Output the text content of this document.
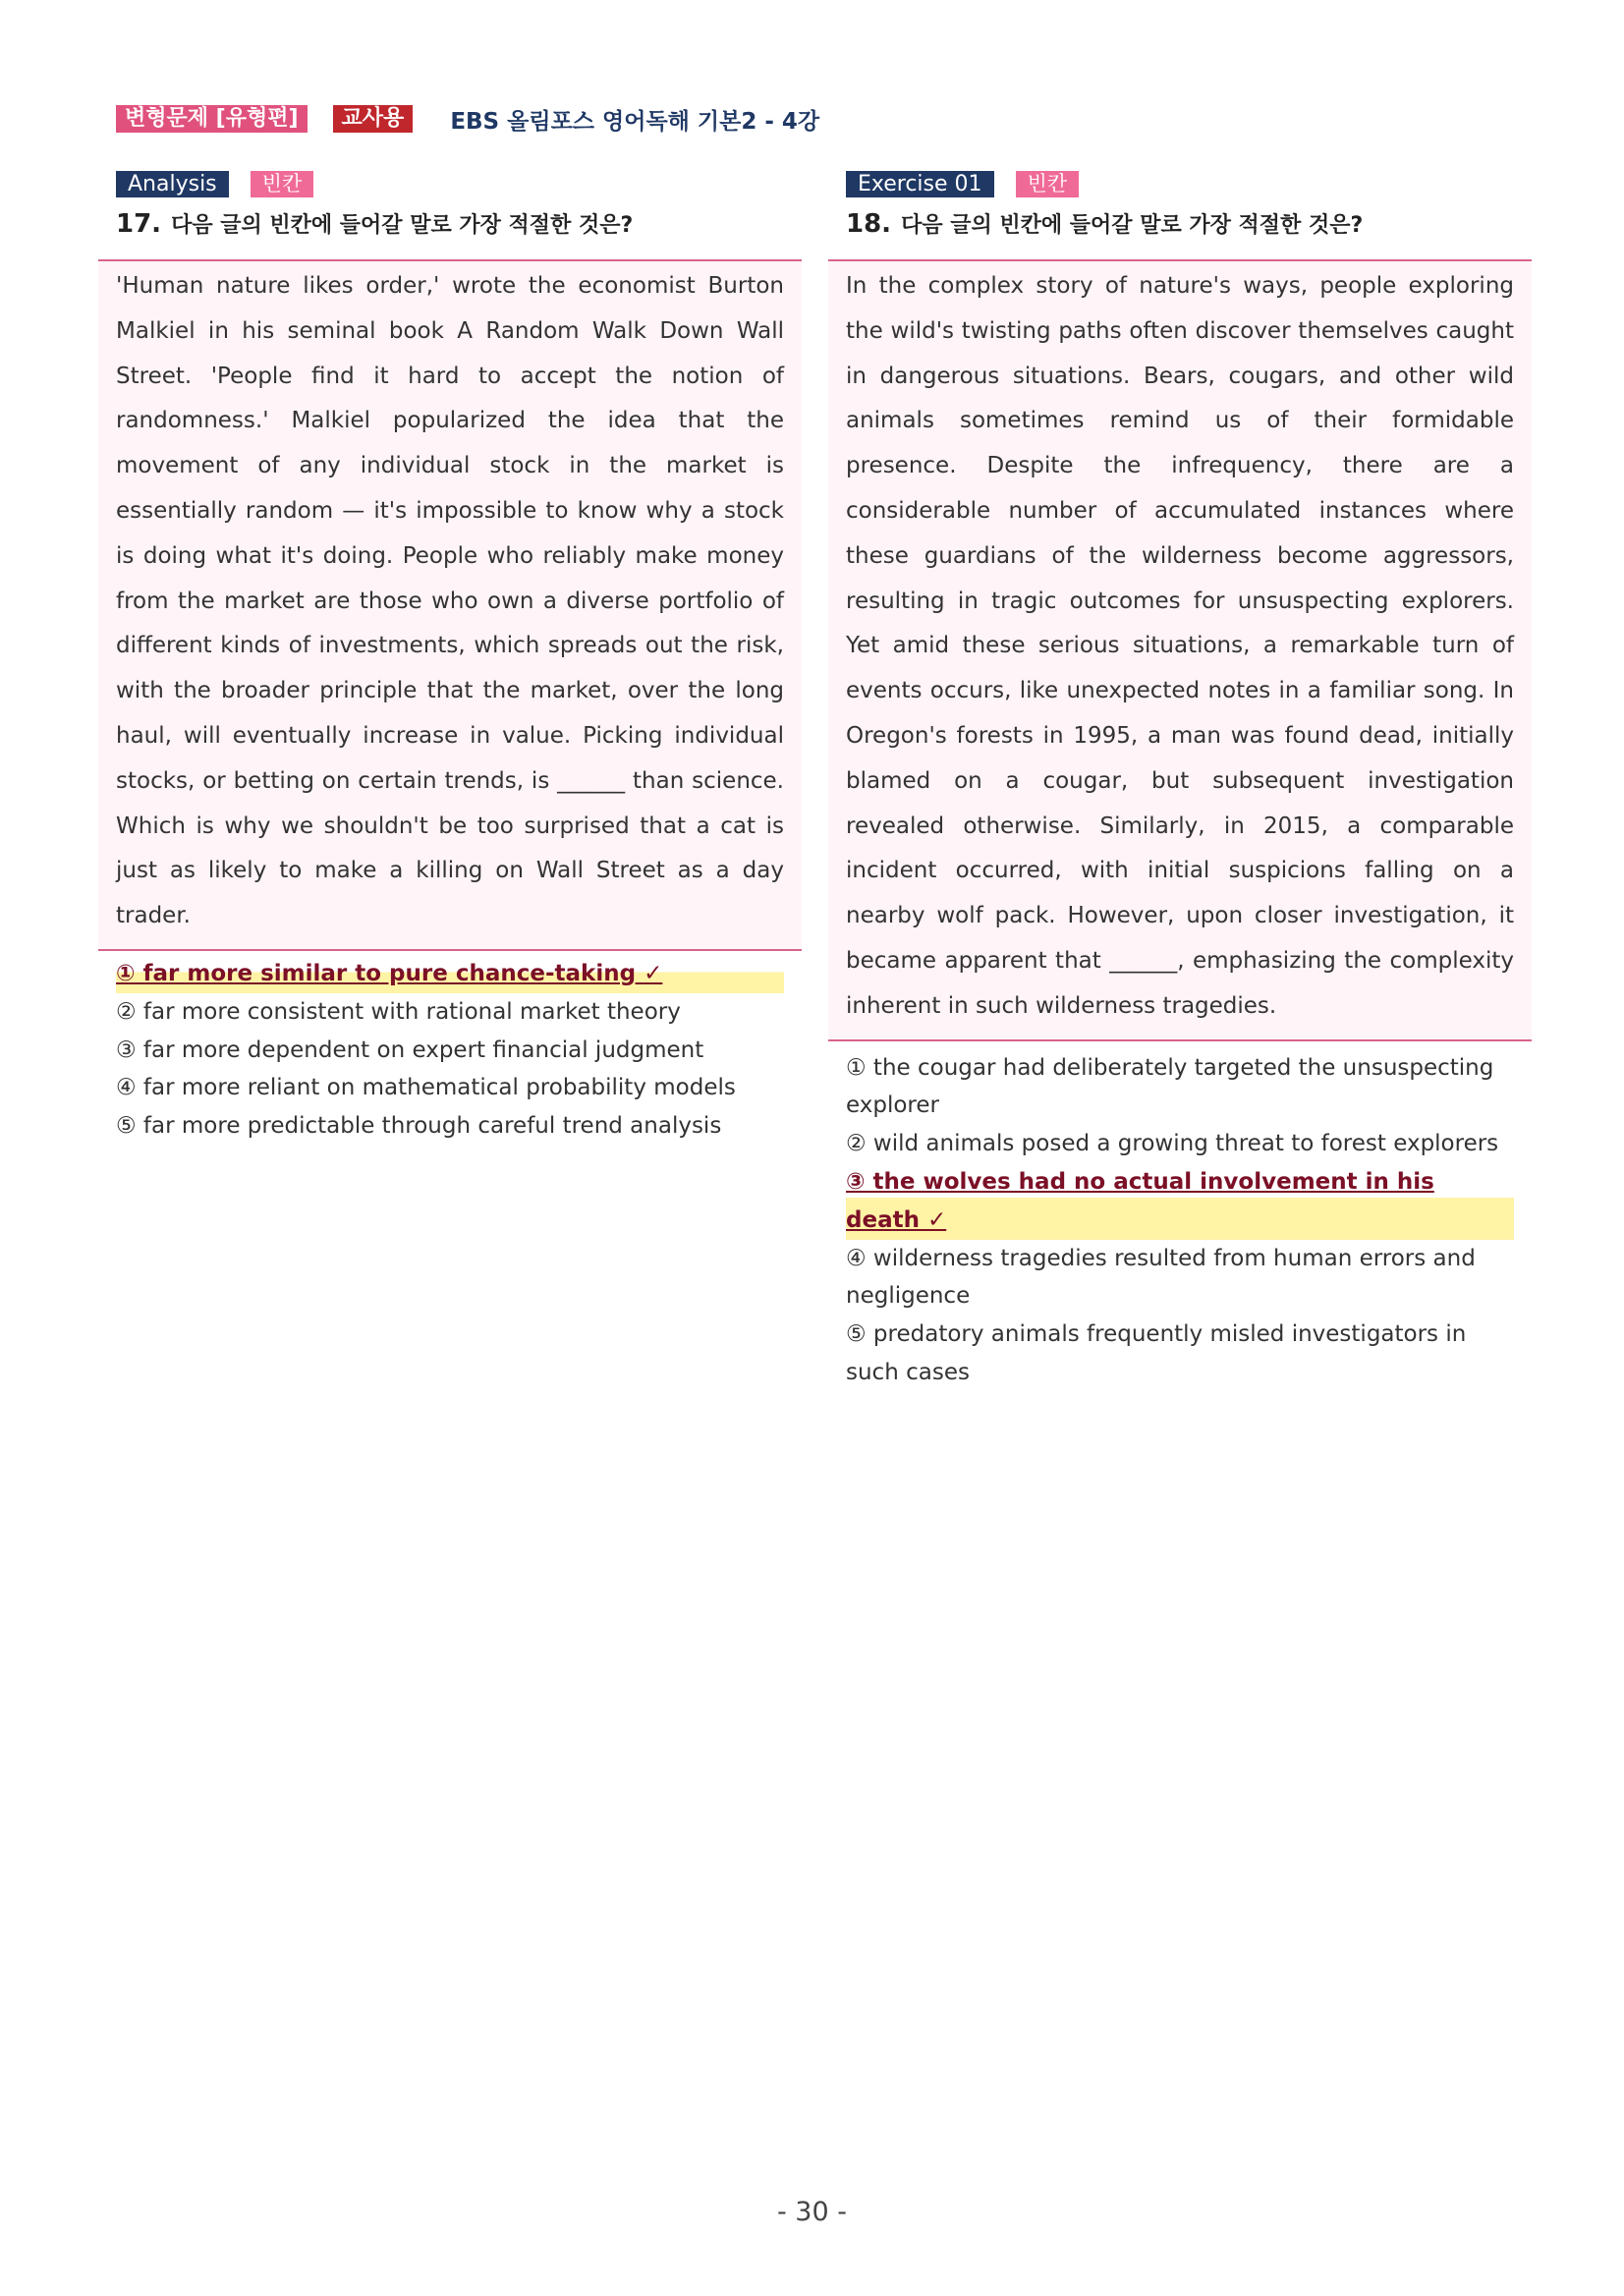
변형문제 [유형편]	교사용	EBS 올림포스 영어독해 기본2 - 4강
Analysis	빈칸
17. 다음 글의 빈칸에 들어갈 말로 가장 적절한 것은?
'Human nature likes order,' wrote the economist Burton Malkiel in his seminal book A Random Walk Down Wall Street. 'People find it hard to accept the notion of randomness.' Malkiel popularized the idea that the movement of any individual stock in the market is essentially random — it's impossible to know why a stock is doing what it's doing. People who reliably make money from the market are those who own a diverse portfolio of different kinds of investments, which spreads out the risk, with the broader principle that the market, over the long haul, will eventually increase in value. Picking individual stocks, or betting on certain trends, is ______ than science. Which is why we shouldn't be too surprised that a cat is just as likely to make a killing on Wall Street as a day trader.
① far more similar to pure chance-taking ✓
② far more consistent with rational market theory
③ far more dependent on expert financial judgment
④ far more reliant on mathematical probability models
⑤ far more predictable through careful trend analysis
Exercise 01	빈칸
18. 다음 글의 빈칸에 들어갈 말로 가장 적절한 것은?
In the complex story of nature's ways, people exploring the wild's twisting paths often discover themselves caught in dangerous situations. Bears, cougars, and other wild animals sometimes remind us of their formidable presence. Despite the infrequency, there are a considerable number of accumulated instances where these guardians of the wilderness become aggressors, resulting in tragic outcomes for unsuspecting explorers. Yet amid these serious situations, a remarkable turn of events occurs, like unexpected notes in a familiar song. In Oregon's forests in 1995, a man was found dead, initially blamed on a cougar, but subsequent investigation revealed otherwise. Similarly, in 2015, a comparable incident occurred, with initial suspicions falling on a nearby wolf pack. However, upon closer investigation, it became apparent that ______, emphasizing the complexity inherent in such wilderness tragedies.
① the cougar had deliberately targeted the unsuspecting explorer
② wild animals posed a growing threat to forest explorers
③ the wolves had no actual involvement in his death ✓
④ wilderness tragedies resulted from human errors and negligence
⑤ predatory animals frequently misled investigators in such cases
- 30 -
